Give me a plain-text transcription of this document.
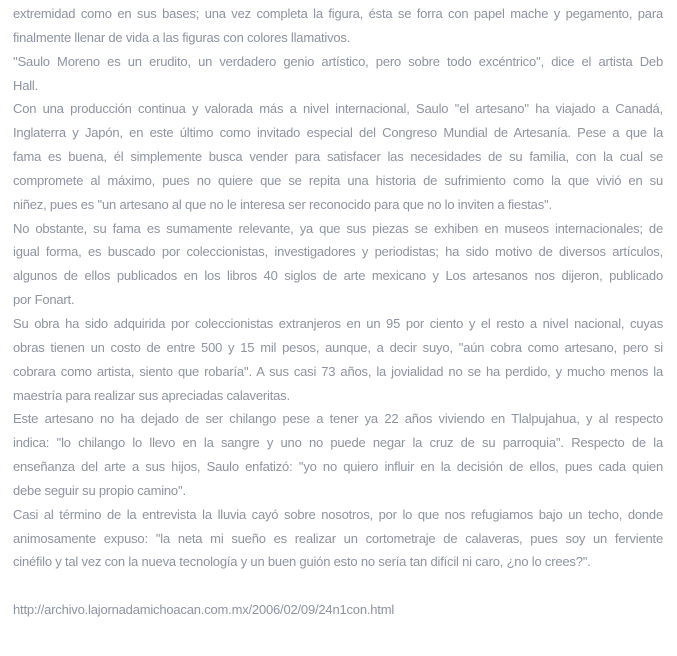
extremidad como en sus bases; una vez completa la figura, ésta se forra con papel mache y pegamento, para
finalmente llenar de vida a las figuras con colores llamativos.
''Saulo Moreno es un erudito, un verdadero genio artístico, pero sobre todo excéntrico'', dice el artista Deb
Hall.
Con una producción continua y valorada más a nivel internacional, Saulo ''el artesano'' ha viajado a Canadá,
Inglaterra y Japón, en este último como invitado especial del Congreso Mundial de Artesanía. Pese a que la
fama es buena, él simplemente busca vender para satisfacer las necesidades de su familia, con la cual se
compromete al máximo, pues no quiere que se repita una historia de sufrimiento como la que vivió en su
niñez, pues es ''un artesano al que no le interesa ser reconocido para que no lo inviten a fiestas''.
No obstante, su fama es sumamente relevante, ya que sus piezas se exhiben en museos internacionales; de
igual forma, es buscado por coleccionistas, investigadores y periodistas; ha sido motivo de diversos artículos,
algunos de ellos publicados en los libros 40 siglos de arte mexicano y Los artesanos nos dijeron, publicado
por Fonart.
Su obra ha sido adquirida por coleccionistas extranjeros en un 95 por ciento y el resto a nivel nacional, cuyas
obras tienen un costo de entre 500 y 15 mil pesos, aunque, a decir suyo, ''aún cobra como artesano, pero si
cobrara como artista, siento que robaría''. A sus casi 73 años, la jovialidad no se ha perdido, y mucho menos la
maestría para realizar sus apreciadas calaveritas.
Este artesano no ha dejado de ser chilango pese a tener ya 22 años viviendo en Tlalpujahua, y al respecto
indica: ''lo chilango lo llevo en la sangre y uno no puede negar la cruz de su parroquia''. Respecto de la
enseñanza del arte a sus hijos, Saulo enfatizó: ''yo no quiero influir en la decisión de ellos, pues cada quien
debe seguir su propio camino''.
Casi al término de la entrevista la lluvia cayó sobre nosotros, por lo que nos refugiamos bajo un techo, donde
animosamente expuso: ''la neta mi sueño es realizar un cortometraje de calaveras, pues soy un ferviente
cinéfilo y tal vez con la nueva tecnología y un buen guión esto no sería tan difícil ni caro, ¿no lo crees?''.
http://archivo.lajornadamichoacan.com.mx/2006/02/09/24n1con.html
